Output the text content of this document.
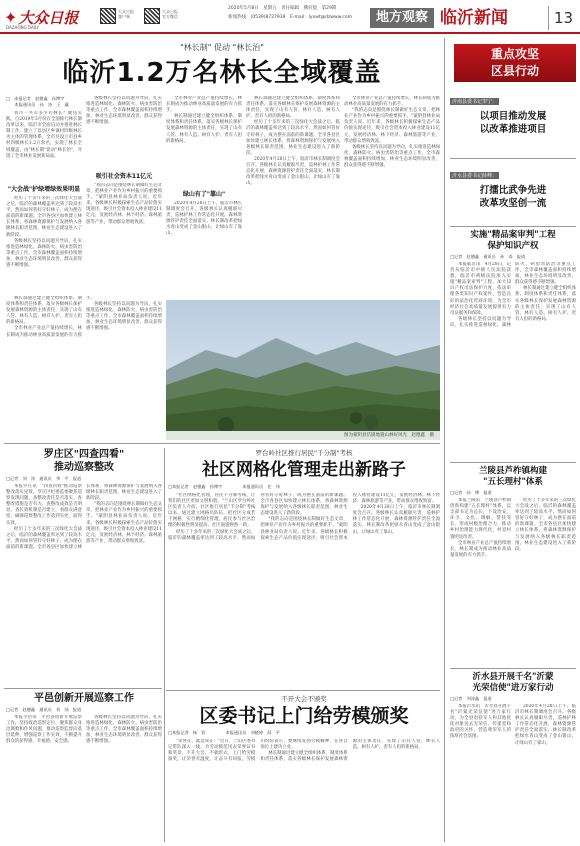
✦ 大众日报
DAZHONG DAILY
大众日报
客户端
大众日报
官方微信
2020年5月8日　星期五　责任编辑　佛府提　第29期
新闻热线：(0539)8727939　E-mail：lyxwt@dzwww.com	地方观察 临沂新闻	13
"林长制" 促动 "林长治"
临沂1.2万名林长全域覆盖
□　本报记者　赵德鑫　孙博宇
　　本报通讯员　孙　涛　王　赢

我市一共有多少名林长？聚焦实践。自2019年3月份在全国推行林长制改革以来，临沂市全面启动并推进林长制工作，建立了以县区乡镇村四级林长为主体的管理体系，全市共设立市县乡村四级林长1.2万余名，实现了林长全域覆盖，由"林长制"促动"林长治"，开创了全市林业发展新局面。

"大会战"护绿增绿效果明显

经历了十多年来的三次绿化大会战之后，临沂的森林覆盖率达到了较高水平。然而如何管好守好林子，成为摆在面前的新课题。全市各县区加快建立林长体系，将森林资源保护与发展纳入各级林长职责范围，林业生态建设进入了新阶段。

各级林长坚持以问题为导向，扎实推进造林绿化、森林防火、病虫害防治等重点工作，全市森林覆盖面积持续增加，林业生态环境明显改善，群众获得感不断增强。

各级林长坚持以问题为导向，扎实推进造林绿化、森林防火、病虫害防治等重点工作，全市森林覆盖面积持续增加，林业生态环境明显改善，群众获得感不断增强。

吸引社会资本11亿元

"我的志向是围绕林长制做好生态文章，把林业产业作为乡村振兴的重要抓手。"蒙阴县林业局负责人说。近年来，各级林长积极探索生态产品价值实现途径，吸引社会资本投入林业建设11亿元，发展经济林、林下经济、森林旅游等产业，带动群众增收致富。

全市林业产业总产值持续增长，林长制成为推动林业高质量发展的有力抓手。

林长制通过建立健全组织体系、制度体系和责任体系，落实各级林长保护发展森林资源的主体责任，实现了山有人管、林有人造、树有人护、责有人担的新格局。

绿山有了"靠山"

2020年4月28日上午，临沂市林长制调度会召开。各级林长认真履职尽责，巡林护林工作常态化开展，森林资源管护责任全面落实。林长制改革把绿水青山变成了金山银山，让绿山有了靠山。

林长制通过建立健全组织体系、制度体系和责任体系，落实各级林长保护发展森林资源的主体责任，实现了山有人管、林有人造、树有人护、责有人担的新格局。

经历了十多年来的三次绿化大会战之后，临沂的森林覆盖率达到了较高水平。然而如何管好守好林子，成为摆在面前的新课题。全市各县区加快建立林长体系，将森林资源保护与发展纳入各级林长职责范围，林业生态建设进入了新阶段。

2020年4月28日上午，临沂市林长制调度会召开。各级林长认真履职尽责，巡林护林工作常态化开展，森林资源管护责任全面落实。林长制改革把绿水青山变成了金山银山，让绿山有了靠山。

全市林业产业总产值持续增长，林长制成为推动林业高质量发展的有力抓手。

"我的志向是围绕林长制做好生态文章，把林业产业作为乡村振兴的重要抓手。"蒙阴县林业局负责人说。近年来，各级林长积极探索生态产品价值实现途径，吸引社会资本投入林业建设11亿元，发展经济林、林下经济、森林旅游等产业，带动群众增收致富。

各级林长坚持以问题为导向，扎实推进造林绿化、森林防火、病虫害防治等重点工作，全市森林覆盖面积持续增加，林业生态环境明显改善，群众获得感不断增强。

图为蒙阴县岱崮地貌山林好风光　赵德鑫　摄

林长制通过建立健全组织体系、制度体系和责任体系，落实各级林长保护发展森林资源的主体责任，实现了山有人管、林有人造、树有人护、责有人担的新格局。

全市林业产业总产值持续增长，林长制成为推动林业高质量发展的有力抓手。

各级林长坚持以问题为导向，扎实推进造林绿化、森林防火、病虫害防治等重点工作，全市森林覆盖面积持续增加，林业生态环境明显改善，群众获得感不断增强。

罗庄区"四查四看"
推动巡察整改
□记者　刘　涛　通讯员　李　平　报道

本报罗庄讯　"四查四看"推动巡察整改落实见效。罗庄区纪委监委聚焦巡察发现问题，查整改责任是否落实、查整改措施是否有力、查整改成效是否明显、查长效机制是否建立，看群众满意度，确保巡察整改工作落到实处，取得实效。

经历了十多年来的三次绿化大会战之后，临沂的森林覆盖率达到了较高水平。然而如何管好守好林子，成为摆在面前的新课题。全市各县区加快建立林长体系，将森林资源保护与发展纳入各级林长职责范围，林业生态建设进入了新阶段。

"我的志向是围绕林长制做好生态文章，把林业产业作为乡村振兴的重要抓手。"蒙阴县林业局负责人说。近年来，各级林长积极探索生态产品价值实现途径，吸引社会资本投入林业建设11亿元，发展经济林、林下经济、森林旅游等产业，带动群众增收致富。

平邑创新开展巡察工作
□记者　赵德鑫　通讯员　刘　灿　报道

本报平邑讯　平邑县创新开展巡察工作，坚持政治巡察定位，聚焦群众身边腐败和作风问题，推动巡察监督向基层延伸，增强巡察工作实效，不断提升群众的获得感、幸福感、安全感。

各级林长坚持以问题为导向，扎实推进造林绿化、森林防火、病虫害防治等重点工作，全市森林覆盖面积持续增加，林业生态环境明显改善，群众获得感不断增强。

罗台岭社区推行居民"千分制"考核
社区网格化管理走出新路子
□本报记者　赵德鑫　孙博宇	本报通讯员　任　伟

"社区网格化管理，居民千分制考核，让我们的社区更加文明和谐。"兰山区罗台岭社区负责人介绍，社区推行居民"千分制"考核以来，通过建立网格员队伍，把社区分成若干网格，实行精细化管理，居民参与社区治理的积极性明显提高，社区面貌焕然一新。

经历了十多年来的三次绿化大会战之后，临沂的森林覆盖率达到了较高水平。然而如何管好守好林子，成为摆在面前的新课题。全市各县区加快建立林长体系，将森林资源保护与发展纳入各级林长职责范围，林业生态建设进入了新阶段。

"我的志向是围绕林长制做好生态文章，把林业产业作为乡村振兴的重要抓手。"蒙阴县林业局负责人说。近年来，各级林长积极探索生态产品价值实现途径，吸引社会资本投入林业建设11亿元，发展经济林、林下经济、森林旅游等产业，带动群众增收致富。

2020年4月28日上午，临沂市林长制调度会召开。各级林长认真履职尽责，巡林护林工作常态化开展，森林资源管护责任全面落实。林长制改革把绿水青山变成了金山银山，让绿山有了靠山。

不开大会不颁奖
区委书记上门给劳模颁奖
□本报记者　杨　钦	本报通讯员　刘晓婷　薛　平

"荣誉在，就是我在！"近日，兰山区委书记带队深入一线，为劳动模范送去荣誉证书和奖章，不开大会、不搞形式，上门给劳模颁奖，让荣誉有温度，让奋斗有回报。劳模们纷纷表示，要继续发扬劳模精神，在各自岗位上建功立业。

林长制通过建立健全组织体系、制度体系和责任体系，落实各级林长保护发展森林资源的主体责任，实现了山有人管、林有人造、树有人护、责有人担的新格局。

重点攻坚
区县行动
沂南县委书记李宁：
以项目推动发展
以改革推进项目
沂水县委书记薛峰：
打擂比武争先进
改革攻坚创一流
实施"精品案审判"工程
保护知识产权
□记者　赵德鑫　通讯员　孙　涛　报道

本报临沂讯　4月28日，记者从临沂市中级人民法院获悉，临沂市两级法院深入实施"精品案审判"工程，加大知识产权司法保护力度，依法审理各类知识产权案件，营造良好的法治化营商环境，为全市经济社会高质量发展提供有力司法服务和保障。

各级林长坚持以问题为导向，扎实推进造林绿化、森林防火、病虫害防治等重点工作，全市森林覆盖面积持续增加，林业生态环境明显改善，群众获得感不断增强。

林长制通过建立健全组织体系、制度体系和责任体系，落实各级林长保护发展森林资源的主体责任，实现了山有人管、林有人造、树有人护、责有人担的新格局。

兰陵县芦柞镇构建
"五长理村"体系
□记者　孙　博　报道

本报兰陵讯　兰陵县芦柞镇创新构建"五长理村"体系，以支部书记为总长，下设治安、环卫、文化、调解、帮扶等长，形成村级治理合力，推动乡村治理能力现代化，村容村貌明显改善。

全市林业产业总产值持续增长，林长制成为推动林业高质量发展的有力抓手。

经历了十多年来的三次绿化大会战之后，临沂的森林覆盖率达到了较高水平。然而如何管好守好林子，成为摆在面前的新课题。全市各县区加快建立林长体系，将森林资源保护与发展纳入各级林长职责范围，林业生态建设进入了新阶段。

沂水县开展千名"沂蒙
光荣信使"进万家行动
□记者　刘涛鑫　报道

本报沂水讯　沂水县开展千名"沂蒙光荣信使"进万家行动，为全县退役军人和其他优抚对象送去光荣信，传递党和政府的关怀，营造尊崇军人的浓厚社会氛围。

2020年4月28日上午，临沂市林长制调度会召开。各级林长认真履职尽责，巡林护林工作常态化开展，森林资源管护责任全面落实。林长制改革把绿水青山变成了金山银山，让绿山有了靠山。
